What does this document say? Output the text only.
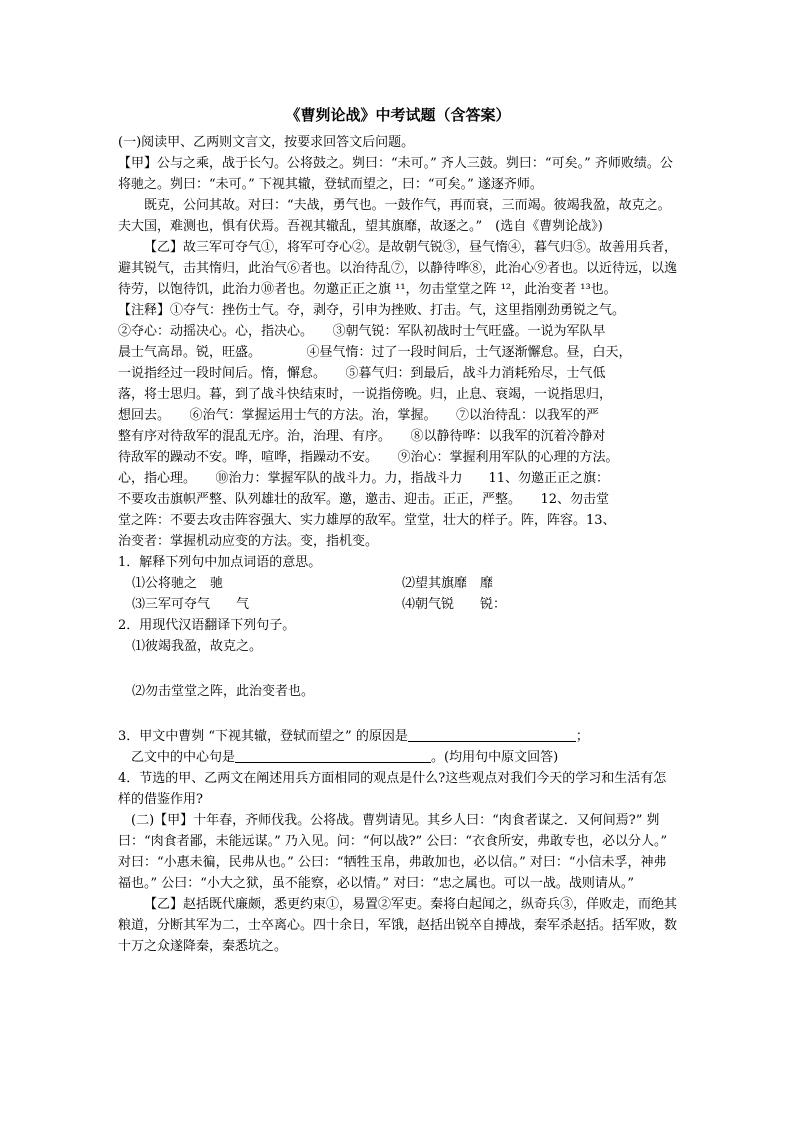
《曹刿论战》中考试题（含答案）

(一)阅读甲、乙两则文言文，按要求回答文后问题。

【甲】公与之乘，战于长勺。公将鼓之。刿曰：“未可。” 齐人三鼓。刿曰：“可矣。” 齐师败绩。公将驰之。刿曰：“未可。” 下视其辙，登轼而望之，曰：“可矣。” 遂逐齐师。

既克，公问其故。对曰：“夫战，勇气也。一鼓作气，再而衰，三而竭。彼竭我盈，故克之。夫大国，难测也，惧有伏焉。吾视其辙乱，望其旗靡，故逐之。”　(选自《曹刿论战》)

【乙】故三军可夺气①，将军可夺心②。是故朝气锐③，昼气惰④，暮气归⑤。故善用兵者，避其锐气，击其惰归，此治气⑥者也。以治待乱⑦，以静待哗⑧，此治心⑨者也。以近待远，以逸待劳，以饱待饥，此治力⑩者也。勿邀正正之旗 ¹¹，勿击堂堂之阵 ¹²，此治变者 ¹³也。

【注释】①夺气：挫伤士气。夺，剥夺，引申为挫败、打击。气，这里指刚劲勇锐之气。

②夺心：动摇决心。心，指决心。　　③朝气锐：军队初战时士气旺盛。一说为军队早

晨士气高昂。锐，旺盛。　　　　④昼气惰：过了一段时间后，士气逐渐懈怠。昼，白天，

一说指经过一段时间后。惰，懈怠。　　⑤暮气归：到最后，战斗力消耗殆尽，士气低

落，将士思归。暮，到了战斗快结束时，一说指傍晚。归，止息、衰竭，一说指思归，

想回去。　　⑥治气：掌握运用士气的方法。治，掌握。　　⑦以治待乱：以我军的严

整有序对待敌军的混乱无序。治，治理、有序。　　⑧以静待哗：以我军的沉着冷静对

待敌军的躁动不安。哗，喧哗，指躁动不安。　　⑨治心：掌握利用军队的心理的方法。

心，指心理。　　⑩治力：掌握军队的战斗力。力，指战斗力　　11、勿邀正正之旗：

不要攻击旗帜严整、队列雄壮的敌军。邀，邀击、迎击。正正，严整。　　12、勿击堂

堂之阵：不要去攻击阵容强大、实力雄厚的敌军。堂堂，壮大的样子。阵，阵容。13、

治变者：掌握机动应变的方法。变，指机变。

1．解释下列句中加点词语的意思。

⑴公将驰之　驰	⑵望其旗靡　靡
⑶三军可夺气　　气	⑷朝气锐　　锐：

2．用现代汉语翻译下列句子。

⑴彼竭我盈，故克之。

⑵勿击堂堂之阵，此治变者也。

3．甲文中曹刿 “下视其辙，登轼而望之” 的原因是	；

乙文中的中心句是	。(均用句中原文回答)

4．节选的甲、乙两文在阐述用兵方面相同的观点是什么?这些观点对我们今天的学习和生活有怎样的借鉴作用?

(二)【甲】十年春，齐师伐我。公将战。曹刿请见。其乡人曰：“肉食者谋之．又何间焉?” 刿曰：“肉食者鄙，未能远谋。” 乃入见。问：“何以战?” 公曰：“衣食所安，弗敢专也，必以分人。” 对曰：“小惠未徧，民弗从也。” 公曰：“牺牲玉帛，弗敢加也，必以信。” 对曰：“小信未孚，神弗福也。” 公曰：“小大之狱，虽不能察，必以情。” 对曰：“忠之属也。可以一战。战则请从。”

【乙】赵括既代廉颇，悉更约束①，易置②军吏。秦将白起闻之，纵奇兵③，佯败走，而绝其粮道，分断其军为二，士卒离心。四十余日，军饿，赵括出锐卒自搏战，秦军杀赵括。括军败，数十万之众遂降秦，秦悉坑之。
